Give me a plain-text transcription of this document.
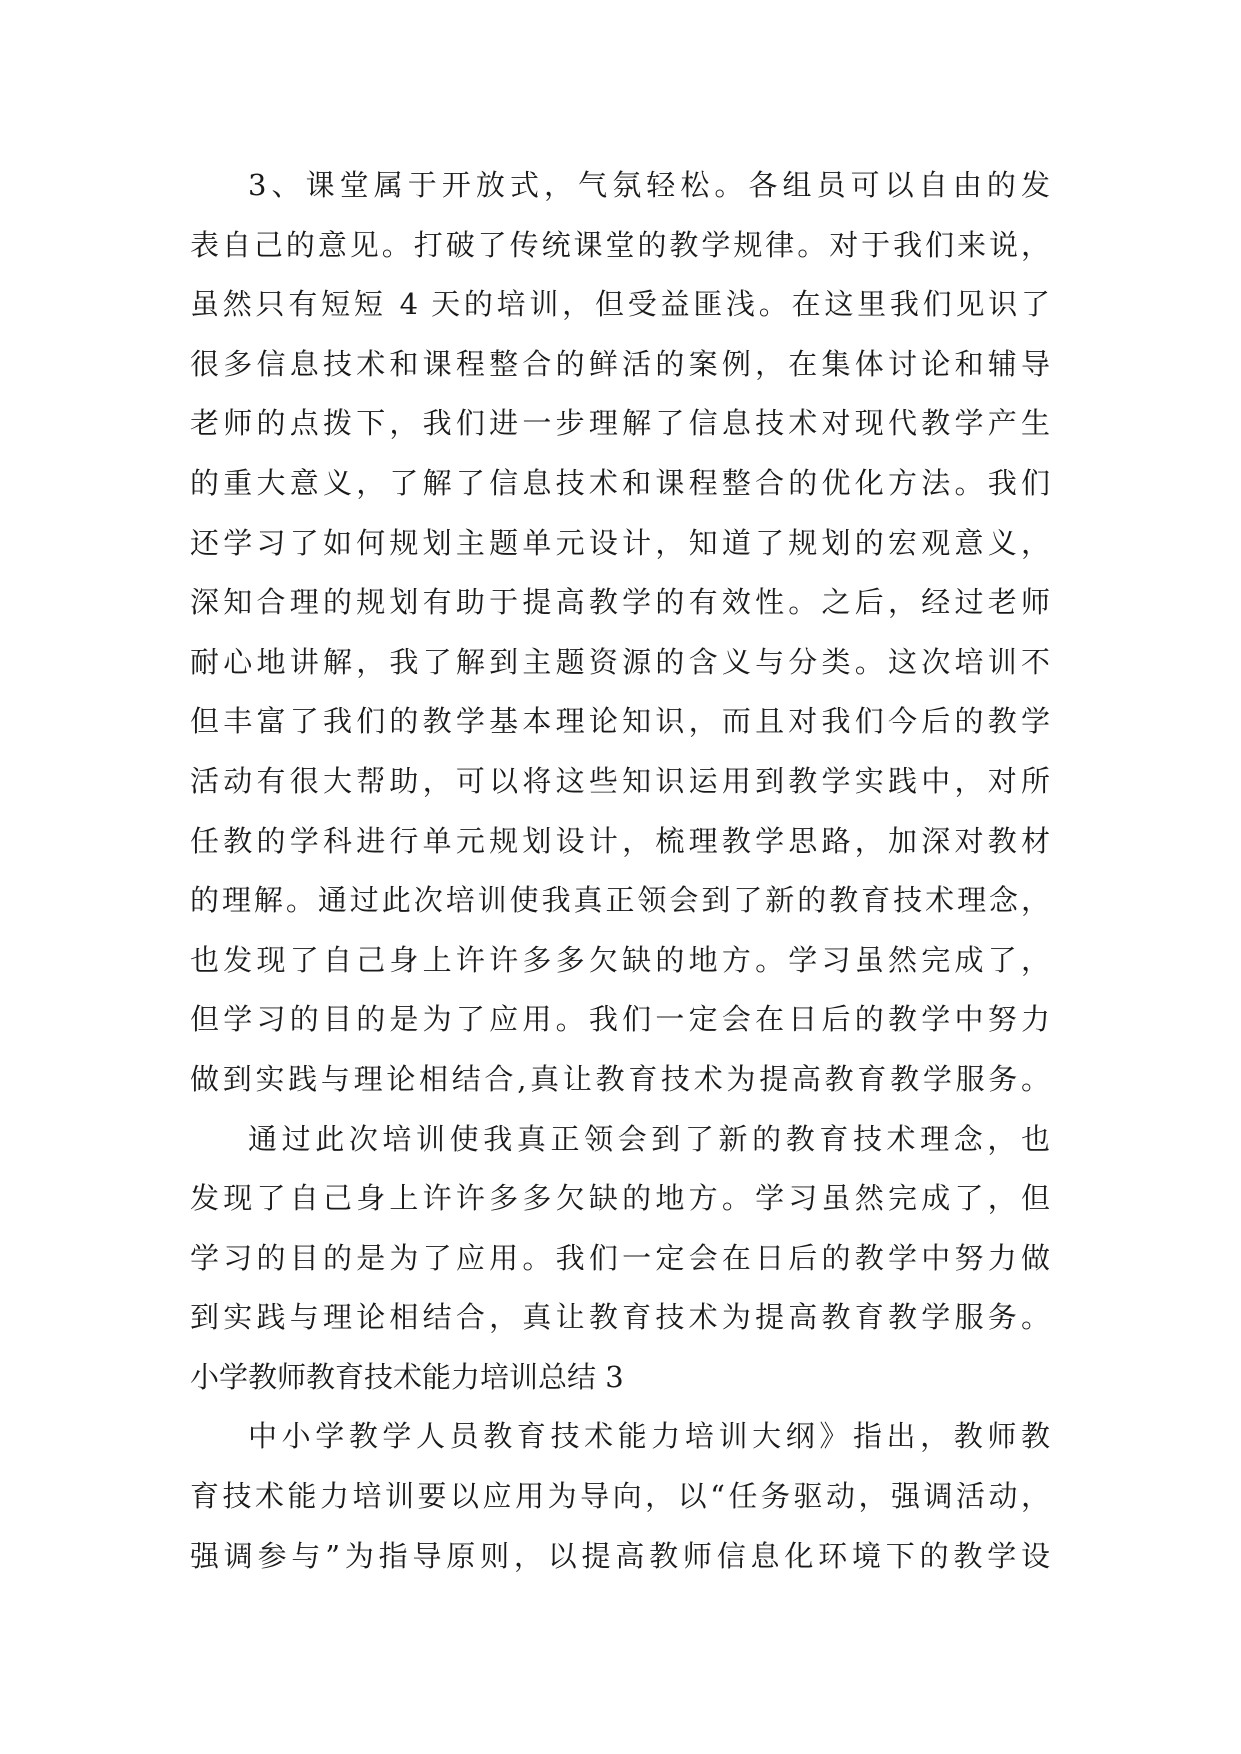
3、课堂属于开放式，气氛轻松。各组员可以自由的发
表自己的意见。打破了传统课堂的教学规律。对于我们来说，
虽然只有短短 4 天的培训，但受益匪浅。在这里我们见识了
很多信息技术和课程整合的鲜活的案例，在集体讨论和辅导
老师的点拨下，我们进一步理解了信息技术对现代教学产生
的重大意义，了解了信息技术和课程整合的优化方法。我们
还学习了如何规划主题单元设计，知道了规划的宏观意义，
深知合理的规划有助于提高教学的有效性。之后，经过老师
耐心地讲解，我了解到主题资源的含义与分类。这次培训不
但丰富了我们的教学基本理论知识，而且对我们今后的教学
活动有很大帮助，可以将这些知识运用到教学实践中，对所
任教的学科进行单元规划设计，梳理教学思路，加深对教材
的理解。通过此次培训使我真正领会到了新的教育技术理念，
也发现了自己身上许许多多欠缺的地方。学习虽然完成了，
但学习的目的是为了应用。我们一定会在日后的教学中努力
做到实践与理论相结合,真让教育技术为提高教育教学服务。
通过此次培训使我真正领会到了新的教育技术理念，也
发现了自己身上许许多多欠缺的地方。学习虽然完成了，但
学习的目的是为了应用。我们一定会在日后的教学中努力做
到实践与理论相结合，真让教育技术为提高教育教学服务。
小学教师教育技术能力培训总结 3
中小学教学人员教育技术能力培训大纲》指出，教师教
育技术能力培训要以应用为导向，以“任务驱动，强调活动，
强调参与”为指导原则，以提高教师信息化环境下的教学设
